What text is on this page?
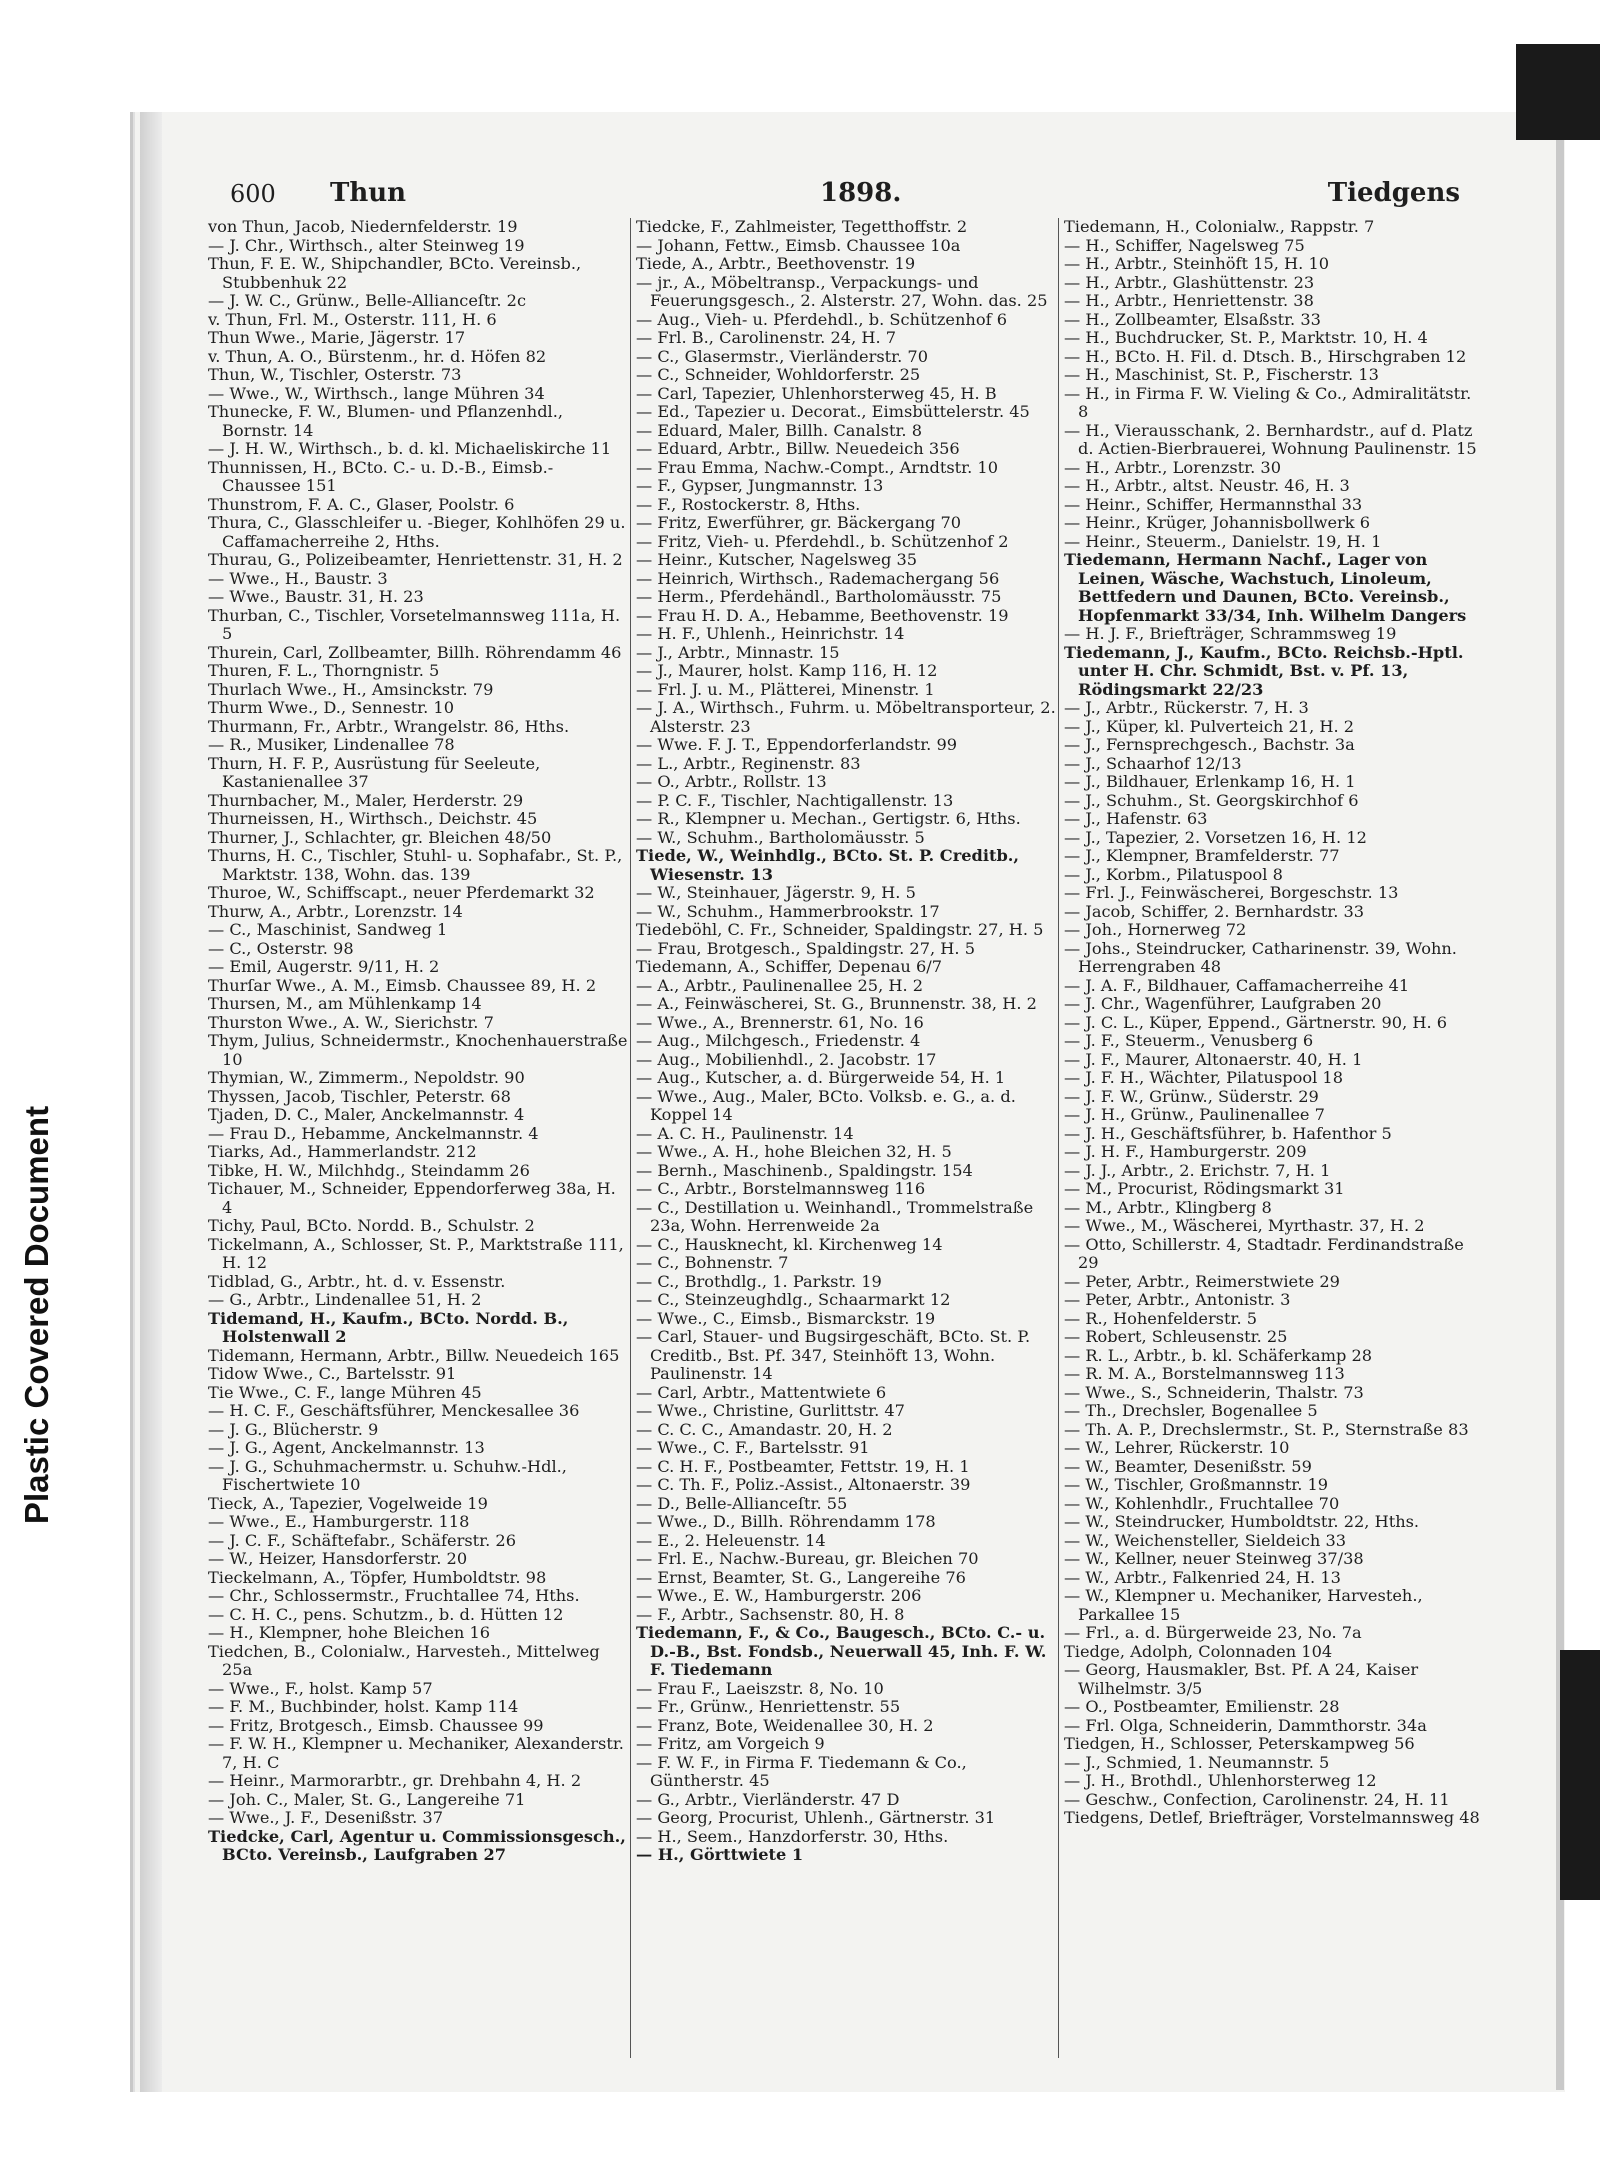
Plastic Covered Document
600 Thun	1898.	Tiedgens

von Thun, Jacob, Niedernfelderstr. 19

— J. Chr., Wirthsch., alter Steinweg 19

Thun, F. E. W., Shipchandler, BCto. Vereinsb., Stubbenhuk 22

— J. W. C., Grünw., Belle-Allianceſtr. 2c

v. Thun, Frl. M., Osterstr. 111, H. 6

Thun Wwe., Marie, Jägerstr. 17

v. Thun, A. O., Bürstenm., hr. d. Höfen 82

Thun, W., Tischler, Osterstr. 73

— Wwe., W., Wirthsch., lange Mühren 34

Thunecke, F. W., Blumen- und Pflanzenhdl., Bornstr. 14

— J. H. W., Wirthsch., b. d. kl. Michaeliskirche 11

Thunnissen, H., BCto. C.- u. D.-B., Eimsb.-Chaussee 151

Thunstrom, F. A. C., Glaser, Poolstr. 6

Thura, C., Glasschleifer u. -Bieger, Kohlhöfen 29 u. Caffamacherreihe 2, Hths.

Thurau, G., Polizeibeamter, Henriettenstr. 31, H. 2

— Wwe., H., Baustr. 3

— Wwe., Baustr. 31, H. 23

Thurban, C., Tischler, Vorsetelmannsweg 111a, H. 5

Thurein, Carl, Zollbeamter, Billh. Röhrendamm 46

Thuren, F. L., Thorngnistr. 5

Thurlach Wwe., H., Amsinckstr. 79

Thurm Wwe., D., Sennestr. 10

Thurmann, Fr., Arbtr., Wrangelstr. 86, Hths.

— R., Musiker, Lindenallee 78

Thurn, H. F. P., Ausrüstung für Seeleute, Kastanienallee 37

Thurnbacher, M., Maler, Herderstr. 29

Thurneissen, H., Wirthsch., Deichstr. 45

Thurner, J., Schlachter, gr. Bleichen 48/50

Thurns, H. C., Tischler, Stuhl- u. Sophafabr., St. P., Marktstr. 138, Wohn. das. 139

Thuroe, W., Schiffscapt., neuer Pferdemarkt 32

Thurw, A., Arbtr., Lorenzstr. 14

— C., Maschinist, Sandweg 1

— C., Osterstr. 98

— Emil, Augerstr. 9/11, H. 2

Thurſar Wwe., A. M., Eimsb. Chaussee 89, H. 2

Thursen, M., am Mühlenkamp 14

Thurston Wwe., A. W., Sierichstr. 7

Thym, Julius, Schneidermstr., Knochenhauerstraße 10

Thymian, W., Zimmerm., Nepoldstr. 90

Thyssen, Jacob, Tischler, Peterstr. 68

Tjaden, D. C., Maler, Anckelmannstr. 4

— Frau D., Hebamme, Anckelmannstr. 4

Tiarks, Ad., Hammerlandstr. 212

Tibke, H. W., Milchhdg., Steindamm 26

Tichauer, M., Schneider, Eppendorferweg 38a, H. 4

Tichy, Paul, BCto. Nordd. B., Schulstr. 2

Tickelmann, A., Schlosser, St. P., Marktstraße 111, H. 12

Tidblad, G., Arbtr., ht. d. v. Essenstr.

— G., Arbtr., Lindenallee 51, H. 2

Tidemand, H., Kaufm., BCto. Nordd. B., Holstenwall 2

Tidemann, Hermann, Arbtr., Billw. Neuedeich 165

Tidow Wwe., C., Bartelsstr. 91

Tie Wwe., C. F., lange Mühren 45

— H. C. F., Geschäftsführer, Menckesallee 36

— J. G., Blücherstr. 9

— J. G., Agent, Anckelmannstr. 13

— J. G., Schuhmachermstr. u. Schuhw.-Hdl., Fischertwiete 10

Tieck, A., Tapezier, Vogelweide 19

— Wwe., E., Hamburgerstr. 118

— J. C. F., Schäftefabr., Schäferstr. 26

— W., Heizer, Hansdorferstr. 20

Tieckelmann, A., Töpfer, Humboldtstr. 98

— Chr., Schlossermstr., Fruchtallee 74, Hths.

— C. H. C., pens. Schutzm., b. d. Hütten 12

— H., Klempner, hohe Bleichen 16

Tiedchen, B., Colonialw., Harvesteh., Mittelweg 25a

— Wwe., F., holst. Kamp 57

— F. M., Buchbinder, holst. Kamp 114

— Fritz, Brotgesch., Eimsb. Chaussee 99

— F. W. H., Klempner u. Mechaniker, Alexanderstr. 7, H. C

— Heinr., Marmorarbtr., gr. Drehbahn 4, H. 2

— Joh. C., Maler, St. G., Langereihe 71

— Wwe., J. F., Desenißstr. 37

Tiedcke, Carl, Agentur u. Commissionsgesch., BCto. Vereinsb., Laufgraben 27

Tiedcke, F., Zahlmeister, Tegetthoffstr. 2

— Johann, Fettw., Eimsb. Chaussee 10a

Tiede, A., Arbtr., Beethovenstr. 19

— jr., A., Möbeltransp., Verpackungs- und Feuerungsgesch., 2. Alsterstr. 27, Wohn. das. 25

— Aug., Vieh- u. Pferdehdl., b. Schützenhof 6

— Frl. B., Carolinenstr. 24, H. 7

— C., Glasermstr., Vierländerstr. 70

— C., Schneider, Wohldorferstr. 25

— Carl, Tapezier, Uhlenhorsterweg 45, H. B

— Ed., Tapezier u. Decorat., Eimsbüttelerstr. 45

— Eduard, Maler, Billh. Canalstr. 8

— Eduard, Arbtr., Billw. Neuedeich 356

— Frau Emma, Nachw.-Compt., Arndtstr. 10

— F., Gypser, Jungmannstr. 13

— F., Rostockerstr. 8, Hths.

— Fritz, Ewerführer, gr. Bäckergang 70

— Fritz, Vieh- u. Pferdehdl., b. Schützenhof 2

— Heinr., Kutscher, Nagelsweg 35

— Heinrich, Wirthsch., Rademachergang 56

— Herm., Pferdehändl., Bartholomäusstr. 75

— Frau H. D. A., Hebamme, Beethovenstr. 19

— H. F., Uhlenh., Heinrichstr. 14

— J., Arbtr., Minnastr. 15

— J., Maurer, holst. Kamp 116, H. 12

— Frl. J. u. M., Plätterei, Minenstr. 1

— J. A., Wirthsch., Fuhrm. u. Möbeltransporteur, 2. Alsterstr. 23

— Wwe. F. J. T., Eppendorferlandstr. 99

— L., Arbtr., Reginenstr. 83

— O., Arbtr., Rollstr. 13

— P. C. F., Tischler, Nachtigallenstr. 13

— R., Klempner u. Mechan., Gertigstr. 6, Hths.

— W., Schuhm., Bartholomäusstr. 5

Tiede, W., Weinhdlg., BCto. St. P. Creditb., Wiesenstr. 13

— W., Steinhauer, Jägerstr. 9, H. 5

— W., Schuhm., Hammerbrookstr. 17

Tiedeböhl, C. Fr., Schneider, Spaldingstr. 27, H. 5

— Frau, Brotgesch., Spaldingstr. 27, H. 5

Tiedemann, A., Schiffer, Depenau 6/7

— A., Arbtr., Paulinenallee 25, H. 2

— A., Feinwäscherei, St. G., Brunnenstr. 38, H. 2

— Wwe., A., Brennerstr. 61, No. 16

— Aug., Milchgesch., Friedenstr. 4

— Aug., Mobilienhdl., 2. Jacobstr. 17

— Aug., Kutscher, a. d. Bürgerweide 54, H. 1

— Wwe., Aug., Maler, BCto. Volksb. e. G., a. d. Koppel 14

— A. C. H., Paulinenstr. 14

— Wwe., A. H., hohe Bleichen 32, H. 5

— Bernh., Maschinenb., Spaldingstr. 154

— C., Arbtr., Borstelmannsweg 116

— C., Destillation u. Weinhandl., Trommelstraße 23a, Wohn. Herrenweide 2a

— C., Hausknecht, kl. Kirchenweg 14

— C., Bohnenstr. 7

— C., Brothdlg., 1. Parkstr. 19

— C., Steinzeughdlg., Schaarmarkt 12

— Wwe., C., Eimsb., Bismarckstr. 19

— Carl, Stauer- und Bugsirgeschäft, BCto. St. P. Creditb., Bst. Pf. 347, Steinhöft 13, Wohn. Paulinenstr. 14

— Carl, Arbtr., Mattentwiete 6

— Wwe., Christine, Gurlittstr. 47

— C. C. C., Amandastr. 20, H. 2

— Wwe., C. F., Bartelsstr. 91

— C. H. F., Postbeamter, Fettstr. 19, H. 1

— C. Th. F., Poliz.-Assist., Altonaerstr. 39

— D., Belle-Allianceſtr. 55

— Wwe., D., Billh. Röhrendamm 178

— E., 2. Heleuenstr. 14

— Frl. E., Nachw.-Bureau, gr. Bleichen 70

— Ernst, Beamter, St. G., Langereihe 76

— Wwe., E. W., Hamburgerstr. 206

— F., Arbtr., Sachsenstr. 80, H. 8

Tiedemann, F., & Co., Baugesch., BCto. C.- u. D.-B., Bst. Fondsb., Neuerwall 45, Inh. F. W. F. Tiedemann

— Frau F., Laeiszstr. 8, No. 10

— Fr., Grünw., Henriettenstr. 55

— Franz, Bote, Weidenallee 30, H. 2

— Fritz, am Vorgeich 9

— F. W. F., in Firma F. Tiedemann & Co., Güntherstr. 45

— G., Arbtr., Vierländerstr. 47 D

— Georg, Procurist, Uhlenh., Gärtnerstr. 31

— H., Seem., Hanzdorferstr. 30, Hths.

— H., Görttwiete 1

Tiedemann, H., Colonialw., Rappstr. 7

— H., Schiffer, Nagelsweg 75

— H., Arbtr., Steinhöft 15, H. 10

— H., Arbtr., Glashüttenstr. 23

— H., Arbtr., Henriettenstr. 38

— H., Zollbeamter, Elsaßstr. 33

— H., Buchdrucker, St. P., Marktstr. 10, H. 4

— H., BCto. H. Fil. d. Dtsch. B., Hirschgraben 12

— H., Maschinist, St. P., Fischerstr. 13

— H., in Firma F. W. Vieling & Co., Admiralitätstr. 8

— H., Vierausschank, 2. Bernhardstr., auf d. Platz d. Actien-Bierbrauerei, Wohnung Paulinenstr. 15

— H., Arbtr., Lorenzstr. 30

— H., Arbtr., altst. Neustr. 46, H. 3

— Heinr., Schiffer, Hermannsthal 33

— Heinr., Krüger, Johannisbollwerk 6

— Heinr., Steuerm., Danielstr. 19, H. 1

Tiedemann, Hermann Nachf., Lager von Leinen, Wäsche, Wachstuch, Linoleum, Bettfedern und Daunen, BCto. Vereinsb., Hopfenmarkt 33/34, Inh. Wilhelm Dangers

— H. J. F., Briefträger, Schrammsweg 19

Tiedemann, J., Kaufm., BCto. Reichsb.-Hptl. unter H. Chr. Schmidt, Bst. v. Pf. 13, Rödingsmarkt 22/23

— J., Arbtr., Rückerstr. 7, H. 3

— J., Küper, kl. Pulverteich 21, H. 2

— J., Fernsprechgesch., Bachstr. 3a

— J., Schaarhof 12/13

— J., Bildhauer, Erlenkamp 16, H. 1

— J., Schuhm., St. Georgskirchhof 6

— J., Hafenstr. 63

— J., Tapezier, 2. Vorsetzen 16, H. 12

— J., Klempner, Bramfelderstr. 77

— J., Korbm., Pilatuspool 8

— Frl. J., Feinwäscherei, Borgeschstr. 13

— Jacob, Schiffer, 2. Bernhardstr. 33

— Joh., Hornerweg 72

— Johs., Steindrucker, Catharinenstr. 39, Wohn. Herrengraben 48

— J. A. F., Bildhauer, Caffamacherreihe 41

— J. Chr., Wagenführer, Laufgraben 20

— J. C. L., Küper, Eppend., Gärtnerstr. 90, H. 6

— J. F., Steuerm., Venusberg 6

— J. F., Maurer, Altonaerstr. 40, H. 1

— J. F. H., Wächter, Pilatuspool 18

— J. F. W., Grünw., Süderstr. 29

— J. H., Grünw., Paulinenallee 7

— J. H., Geschäftsführer, b. Hafenthor 5

— J. H. F., Hamburgerstr. 209

— J. J., Arbtr., 2. Erichstr. 7, H. 1

— M., Procurist, Rödingsmarkt 31

— M., Arbtr., Klingberg 8

— Wwe., M., Wäscherei, Myrthastr. 37, H. 2

— Otto, Schillerstr. 4, Stadtadr. Ferdinandstraße 29

— Peter, Arbtr., Reimerstwiete 29

— Peter, Arbtr., Antonistr. 3

— R., Hohenfelderstr. 5

— Robert, Schleusenstr. 25

— R. L., Arbtr., b. kl. Schäferkamp 28

— R. M. A., Borstelmannsweg 113

— Wwe., S., Schneiderin, Thalstr. 73

— Th., Drechsler, Bogenallee 5

— Th. A. P., Drechslermstr., St. P., Sternstraße 83

— W., Lehrer, Rückerstr. 10

— W., Beamter, Desenißstr. 59

— W., Tischler, Großmannstr. 19

— W., Kohlenhdlr., Fruchtallee 70

— W., Steindrucker, Humboldtstr. 22, Hths.

— W., Weichensteller, Sieldeich 33

— W., Kellner, neuer Steinweg 37/38

— W., Arbtr., Falkenried 24, H. 13

— W., Klempner u. Mechaniker, Harvesteh., Parkallee 15

— Frl., a. d. Bürgerweide 23, No. 7a

Tiedge, Adolph, Colonnaden 104

— Georg, Hausmakler, Bst. Pf. A 24, Kaiser Wilhelmstr. 3/5

— O., Postbeamter, Emilienstr. 28

— Frl. Olga, Schneiderin, Dammthorstr. 34a

Tiedgen, H., Schlosser, Peterskampweg 56

— J., Schmied, 1. Neumannstr. 5

— J. H., Brothdl., Uhlenhorsterweg 12

— Geschw., Confection, Carolinenstr. 24, H. 11

Tiedgens, Detlef, Briefträger, Vorstelmannsweg 48
